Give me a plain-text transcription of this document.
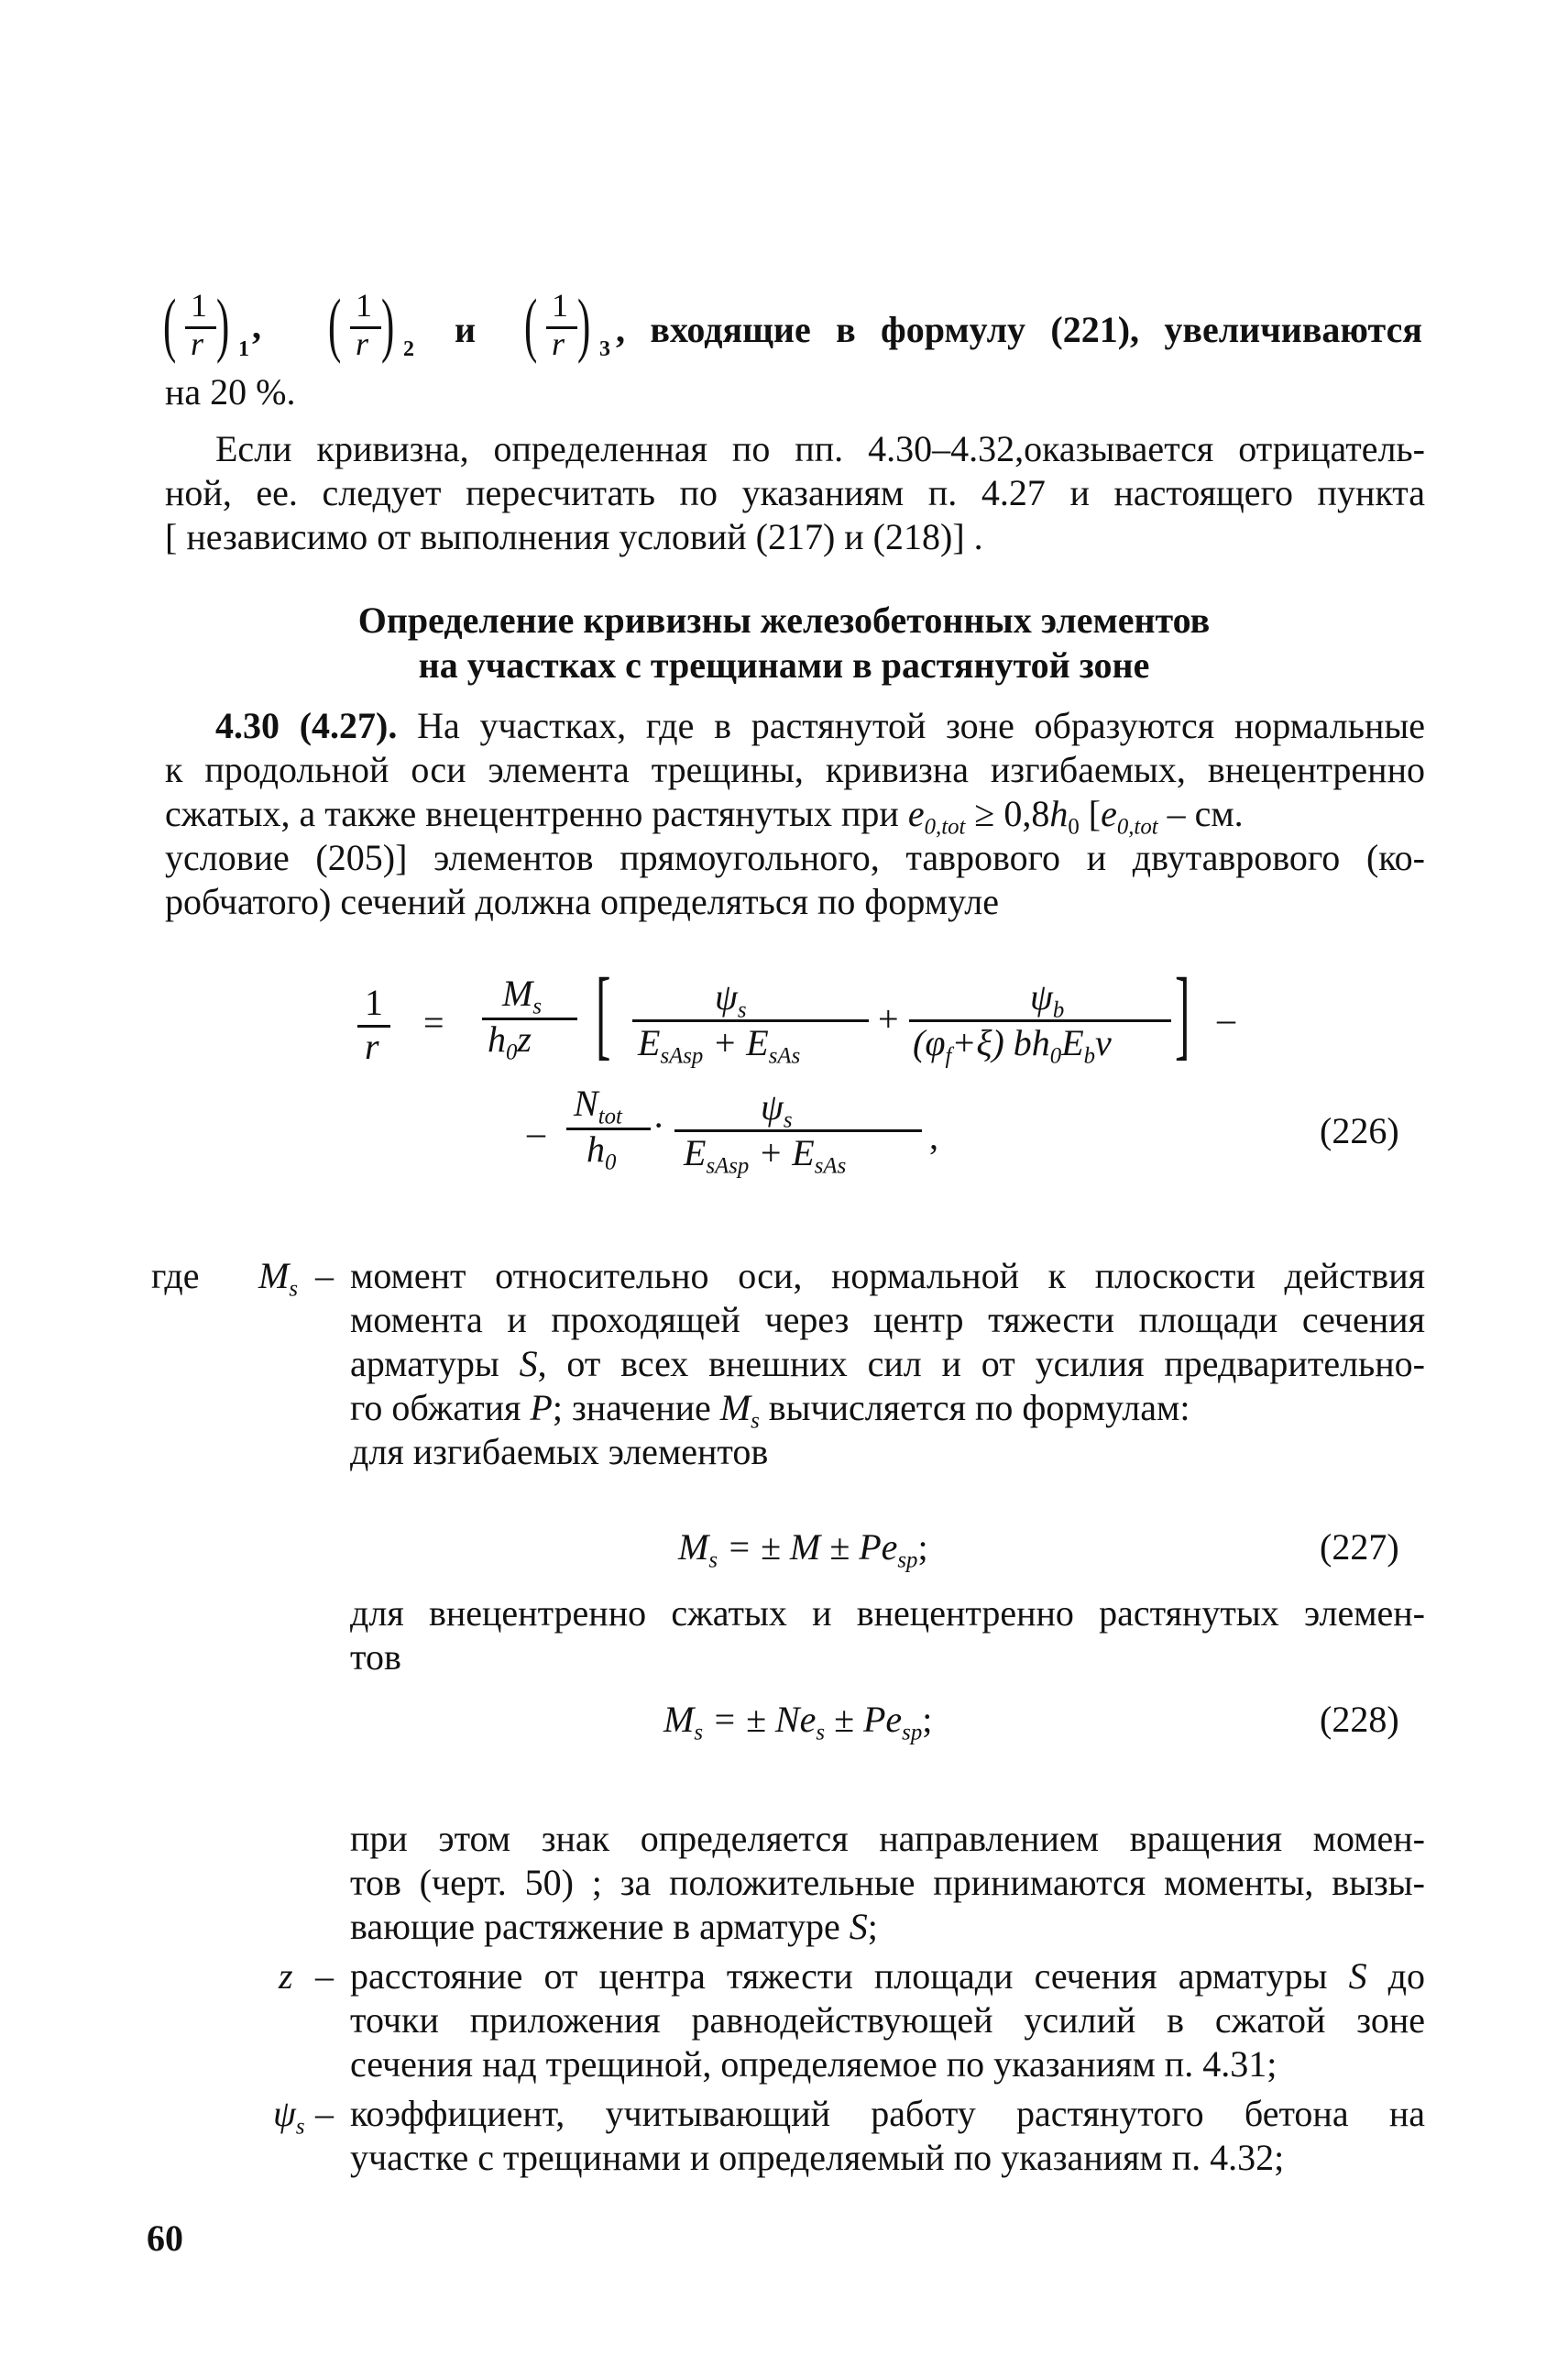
( 1
r ) 1
, ( 1
r ) 2 и ( 1
r ) 3 , входящие в формулу (221), увеличиваются
на 20 %.
Если кривизна, определенная по пп. 4.30–4.32,оказывается отрицатель-
ной, ее. следует пересчитать по указаниям п. 4.27 и настоящего пункта
[ независимо от выполнения условий (217) и (218)] .
Определение кривизны железобетонных элементов
на участках с трещинами в растянутой зоне
4.30 (4.27). На участках, где в растянутой зоне образуются нормальные
к продольной оси элемента трещины, кривизна изгибаемых, внецентренно
сжатых, а также внецентренно растянутых при $e_{0,tot} \ge 0,8h_0$ [$e_{0,tot}$ – см.
условие (205)] элементов прямоугольного, таврового и двутаврового (ко-
робчатого) сечений должна определяться по формуле
1
r
=
$M_s$
$h_0z$ [	]
$\psi_s$
$E_{sAsp} + E_{sAs}$
+
$\psi_b$
$(\varphi_f+\xi)$ $bh_0E_b\nu$
–
–
$N_{tot}$
$h_0$
·	$\psi_s$
$E_{sAsp} + E_{sAs}$
,	(226)
где $M_s$ – момент относительно оси, нормальной к плоскости действия
момента и проходящей через центр тяжести площади сечения
арматуры S, от всех внешних сил и от усилия предварительно-
го обжатия P; значение $M_s$ вычисляется по формулам:
для изгибаемых элементов
$M_s$ = ± $M \pm Pe_{sp}$;	(227)
для внецентренно сжатых и внецентренно растянутых элемен-
тов
$M_s$ = ± $Ne_s \pm Pe_{sp}$;	(228)
при этом знак определяется направлением вращения момен-
тов (черт. 50) ; за положительные принимаются моменты, вызы-
вающие растяжение в арматуре S;
z – расстояние от центра тяжести площади сечения арматуры S до
точки приложения равнодействующей усилий в сжатой зоне
сечения над трещиной, определяемое по указаниям п. 4.31;
$\psi_s$ – коэффициент, учитывающий работу растянутого бетона на
участке с трещинами и определяемый по указаниям п. 4.32;
60
